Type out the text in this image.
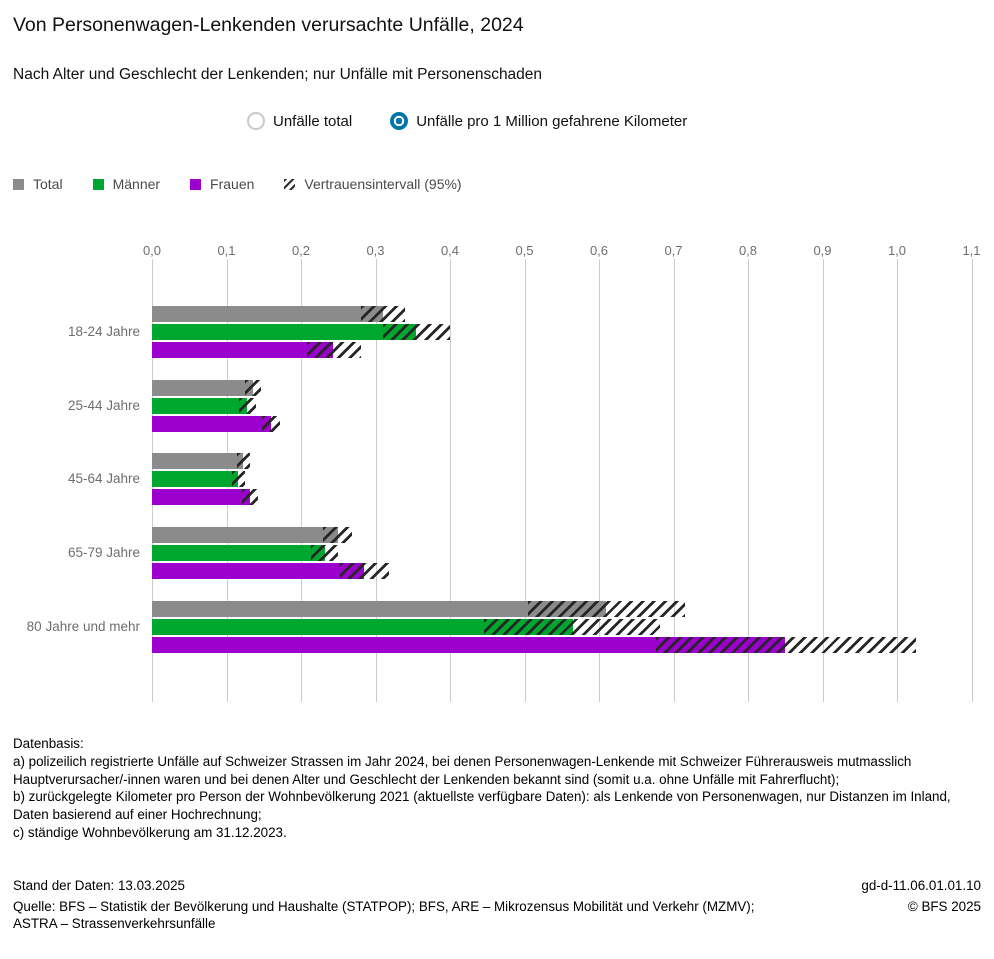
Von Personenwagen-Lenkenden verursachte Unfälle, 2024
Nach Alter und Geschlecht der Lenkenden; nur Unfälle mit Personenschaden
Unfälle total	Unfälle pro 1 Million gefahrene Kilometer
Total	Männer	Frauen	Vertrauensintervall (95%)
0,0	0,1	0,2	0,3	0,4	0,5	0,6	0,7	0,8	0,9	1,0	1,1
18-24 Jahre
25-44 Jahre
45-64 Jahre
65-79 Jahre
80 Jahre und mehr
Datenbasis:
a) polizeilich registrierte Unfälle auf Schweizer Strassen im Jahr 2024, bei denen Personenwagen-Lenkende mit Schweizer Führerausweis mutmasslich Hauptverursacher/-innen waren und bei denen Alter und Geschlecht der Lenkenden bekannt sind (somit u.a. ohne Unfälle mit Fahrerflucht);
b) zurückgelegte Kilometer pro Person der Wohnbevölkerung 2021 (aktuellste verfügbare Daten): als Lenkende von Personenwagen, nur Distanzen im Inland, Daten basierend auf einer Hochrechnung;
c) ständige Wohnbevölkerung am 31.12.2023.
Stand der Daten: 13.03.2025	gd-d-11.06.01.01.10
Quelle: BFS – Statistik der Bevölkerung und Haushalte (STATPOP); BFS, ARE – Mikrozensus Mobilität und Verkehr (MZMV); ASTRA – Strassenverkehrsunfälle
© BFS 2025
